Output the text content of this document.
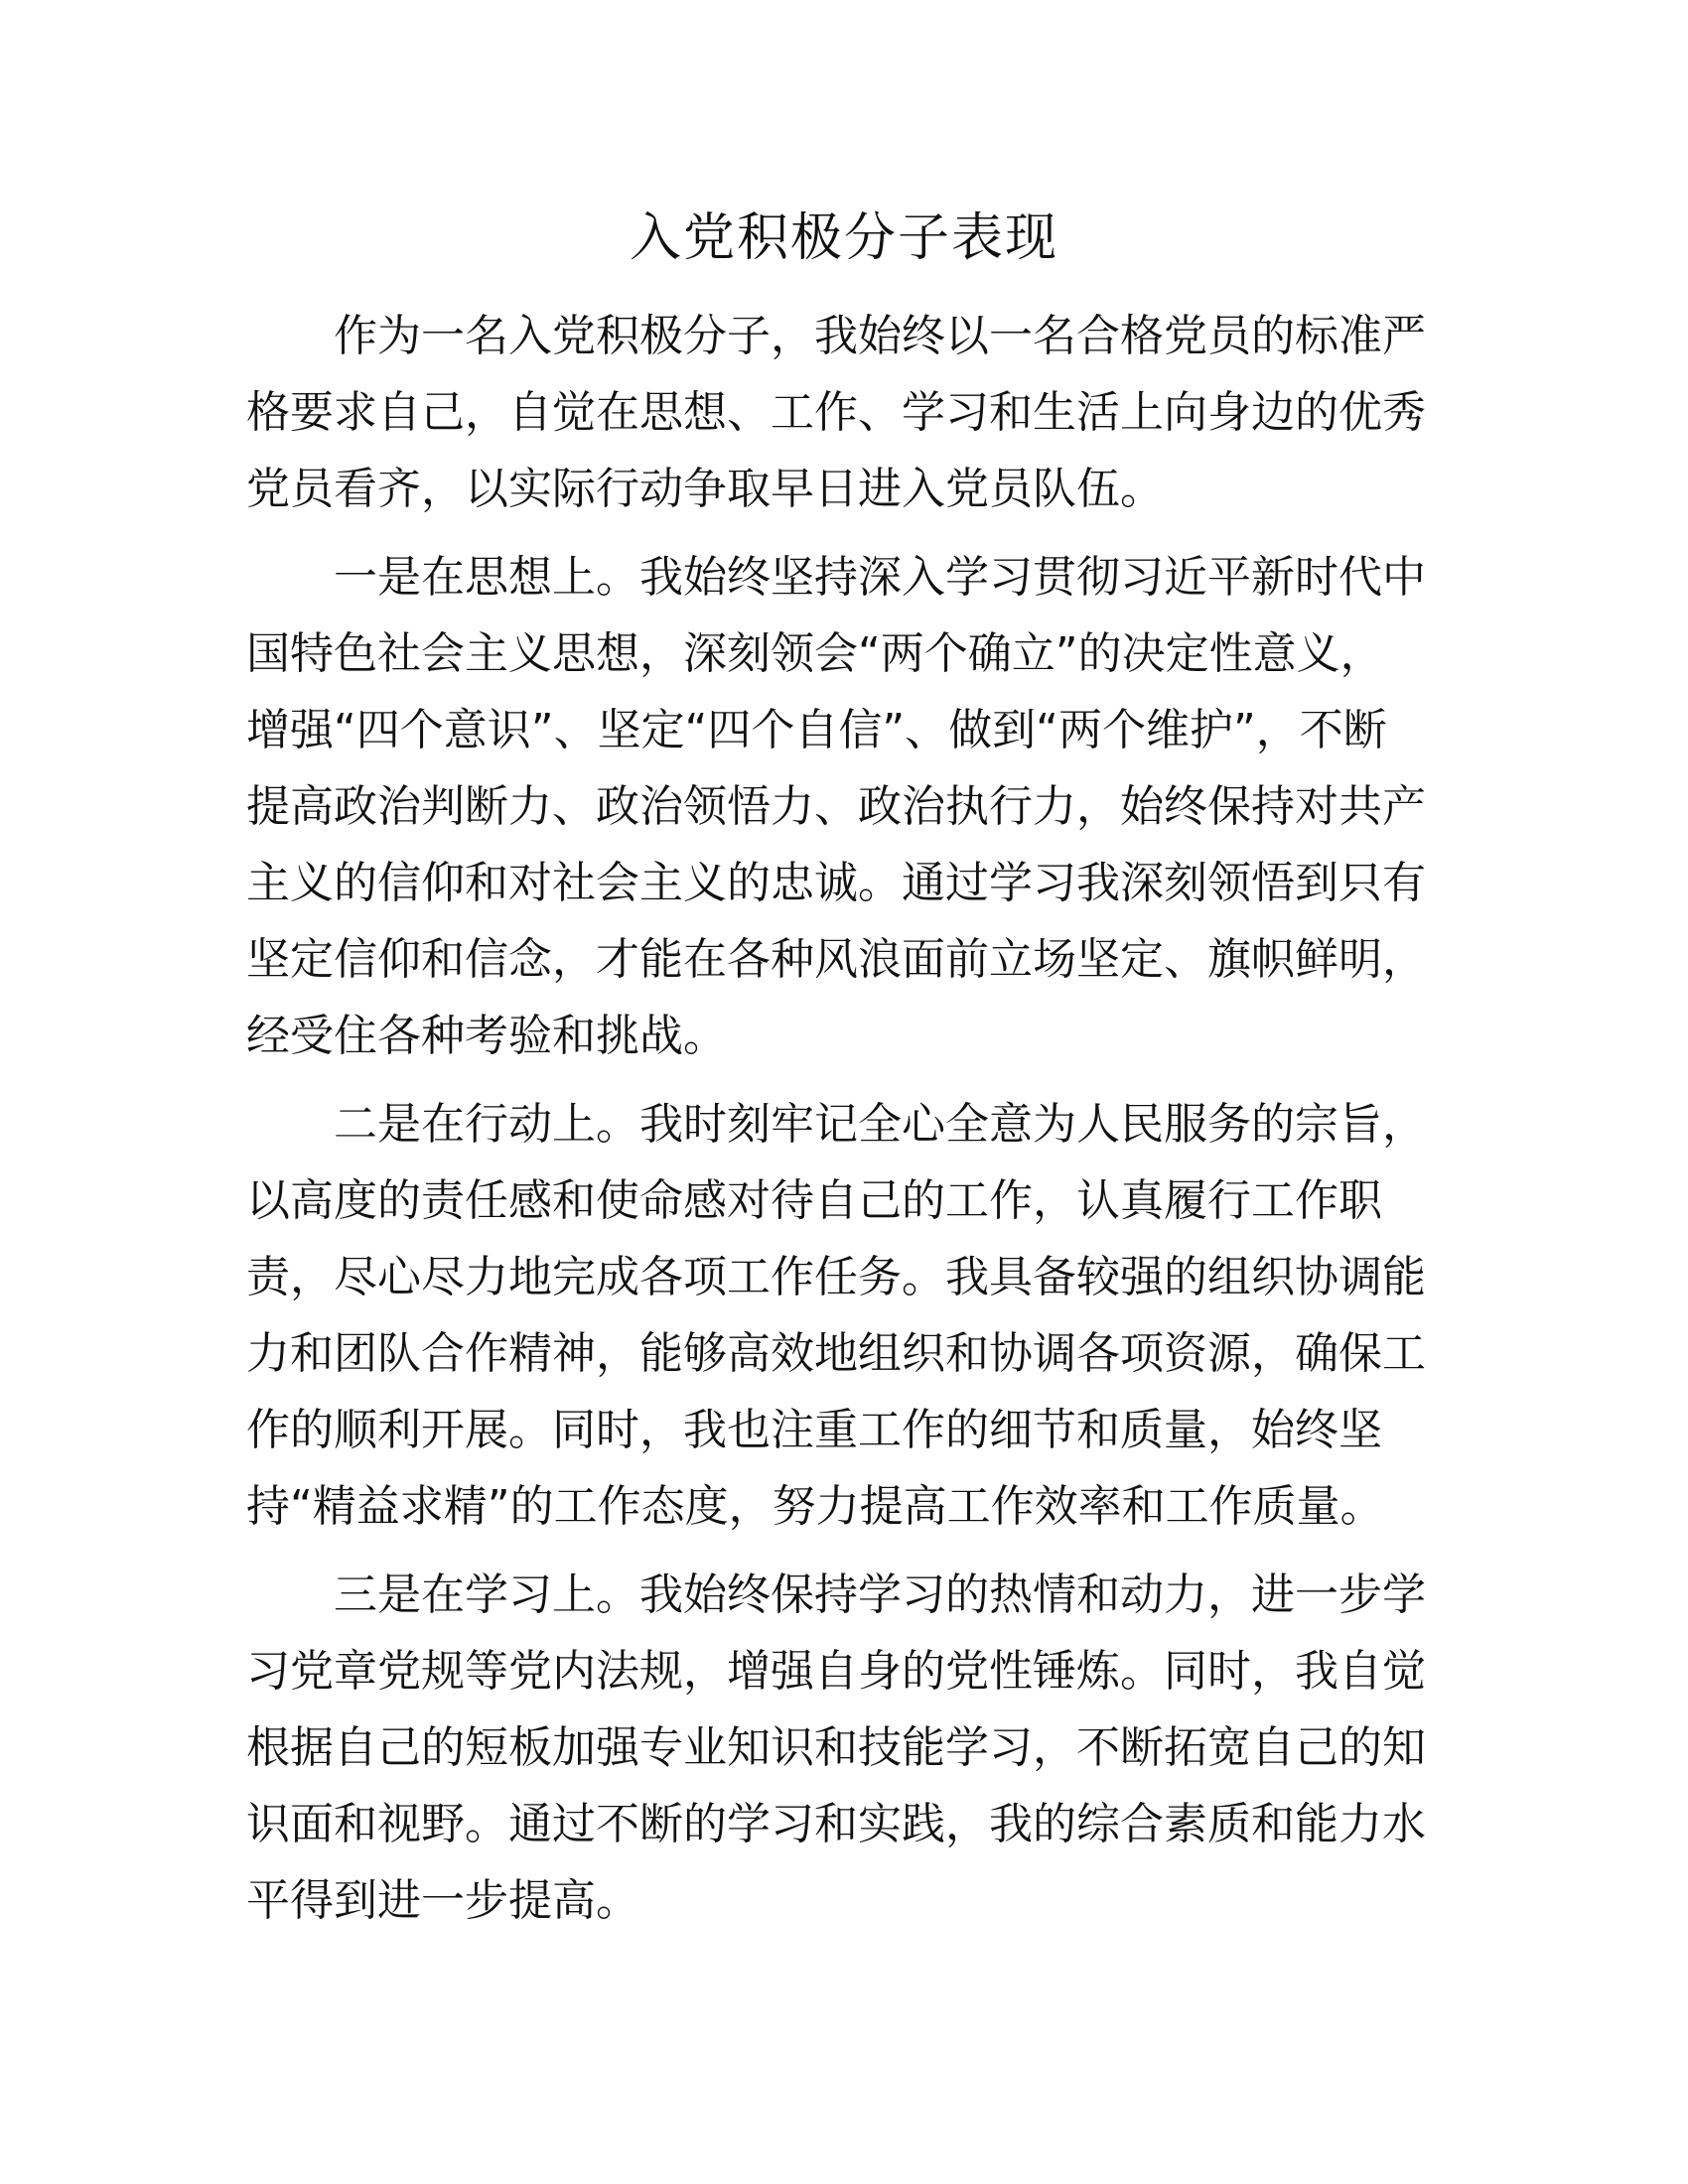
入党积极分子表现

作为一名入党积极分子，我始终以一名合格党员的标准严
格要求自己，自觉在思想、工作、学习和生活上向身边的优秀
党员看齐，以实际行动争取早日进入党员队伍。

一是在思想上。我始终坚持深入学习贯彻习近平新时代中
国特色社会主义思想，深刻领会“两个确立”的决定性意义，
增强“四个意识”、坚定“四个自信”、做到“两个维护”，不断
提高政治判断力、政治领悟力、政治执行力，始终保持对共产
主义的信仰和对社会主义的忠诚。通过学习我深刻领悟到只有
坚定信仰和信念，才能在各种风浪面前立场坚定、旗帜鲜明，
经受住各种考验和挑战。

二是在行动上。我时刻牢记全心全意为人民服务的宗旨，
以高度的责任感和使命感对待自己的工作，认真履行工作职
责，尽心尽力地完成各项工作任务。我具备较强的组织协调能
力和团队合作精神，能够高效地组织和协调各项资源，确保工
作的顺利开展。同时，我也注重工作的细节和质量，始终坚
持“精益求精”的工作态度，努力提高工作效率和工作质量。

三是在学习上。我始终保持学习的热情和动力，进一步学
习党章党规等党内法规，增强自身的党性锤炼。同时，我自觉
根据自己的短板加强专业知识和技能学习，不断拓宽自己的知
识面和视野。通过不断的学习和实践，我的综合素质和能力水
平得到进一步提高。
